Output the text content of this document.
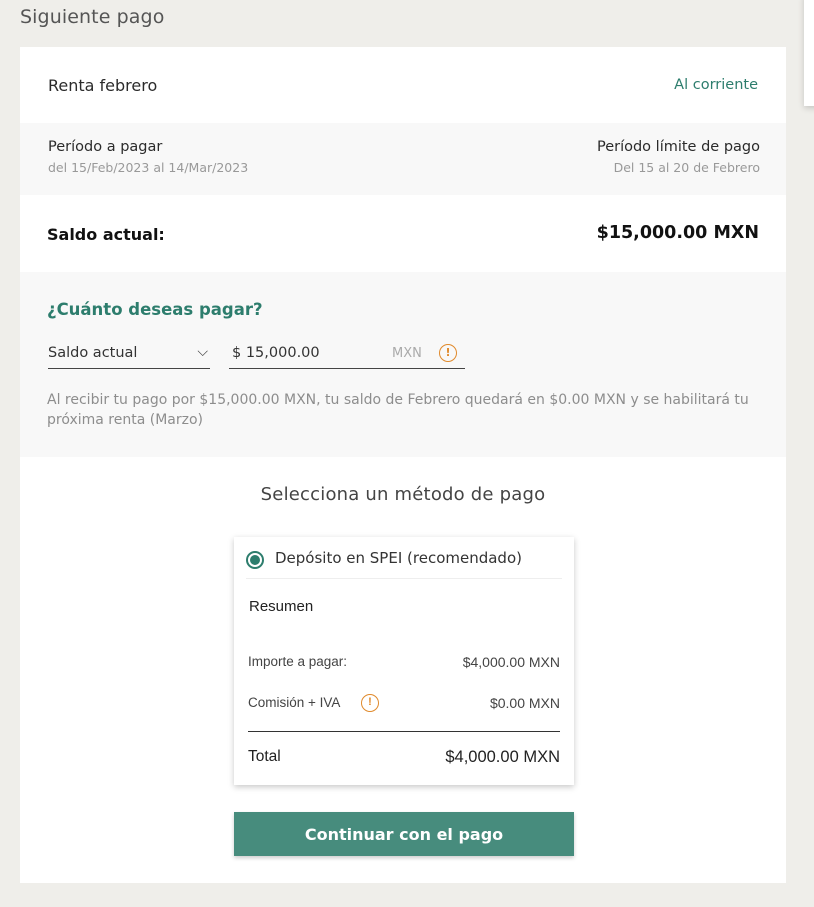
Siguiente pago
Renta febrero	Al corriente
Período a pagar
del 15/Feb/2023 al 14/Mar/2023
Período límite de pago
Del 15 al 20 de Febrero
Saldo actual:	$15,000.00 MXN
¿Cuánto deseas pagar?
Saldo actual	⌵ $ 15,000.00	MXN	!
Al recibir tu pago por $15,000.00 MXN, tu saldo de Febrero quedará en $0.00 MXN y se habilitará tu próxima renta (Marzo)
Selecciona un método de pago
Depósito en SPEI (recomendado)
Resumen
Importe a pagar:	$4,000.00 MXN
Comisión + IVA	!	$0.00 MXN
Total	$4,000.00 MXN
Continuar con el pago
